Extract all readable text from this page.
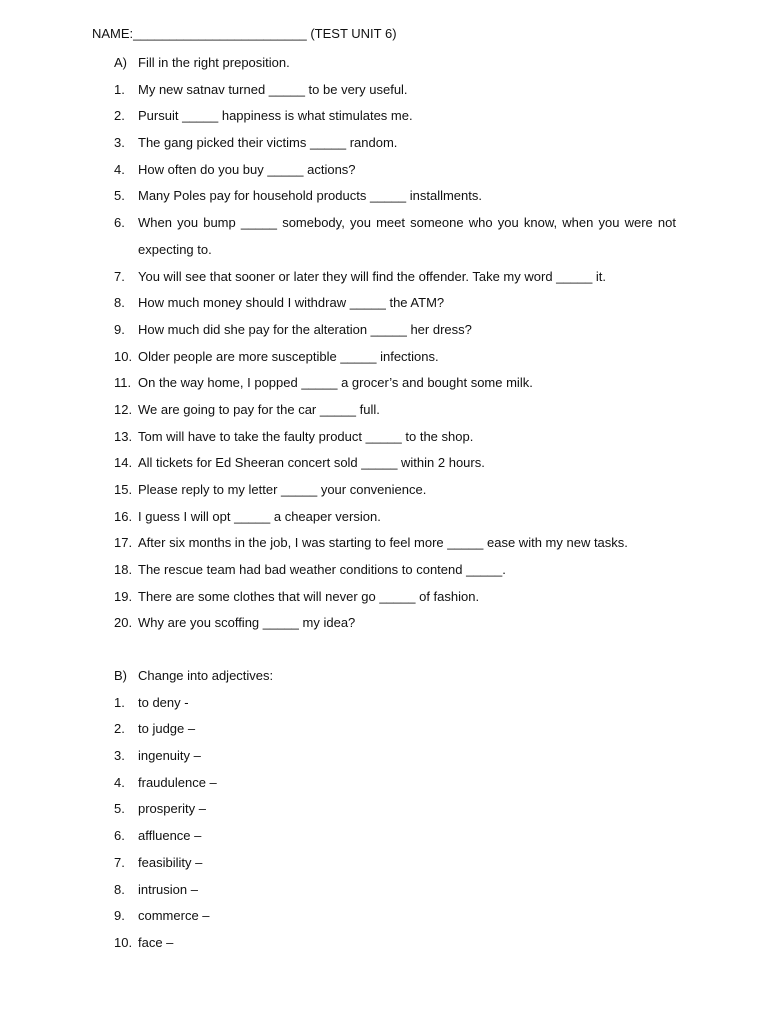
NAME:________________________ (TEST UNIT 6)
A) Fill in the right preposition.
1. My new satnav turned _____ to be very useful.
2. Pursuit _____ happiness is what stimulates me.
3. The gang picked their victims _____ random.
4. How often do you buy _____ actions?
5. Many Poles pay for household products _____ installments.
6. When you bump _____ somebody, you meet someone who you know, when you were not expecting to.
7. You will see that sooner or later they will find the offender. Take my word _____ it.
8. How much money should I withdraw _____ the ATM?
9. How much did she pay for the alteration _____ her dress?
10. Older people are more susceptible _____ infections.
11. On the way home, I popped _____ a grocer’s and bought some milk.
12. We are going to pay for the car _____ full.
13. Tom will have to take the faulty product _____ to the shop.
14. All tickets for Ed Sheeran concert sold _____ within 2 hours.
15. Please reply to my letter _____ your convenience.
16. I guess I will opt _____ a cheaper version.
17. After six months in the job, I was starting to feel more _____ ease with my new tasks.
18. The rescue team had bad weather conditions to contend _____.
19. There are some clothes that will never go _____ of fashion.
20. Why are you scoffing _____ my idea?
B) Change into adjectives:
1. to deny -
2. to judge –
3. ingenuity –
4. fraudulence –
5. prosperity –
6. affluence –
7. feasibility –
8. intrusion –
9. commerce –
10. face –
